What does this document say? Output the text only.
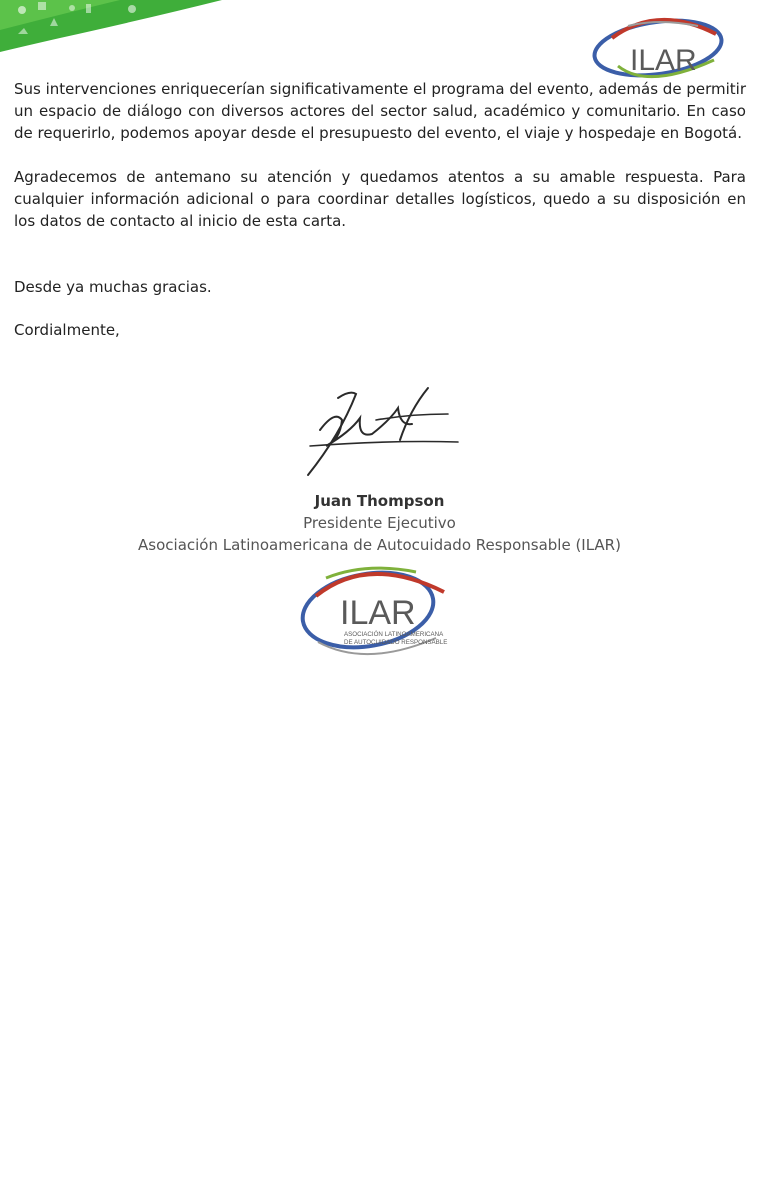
ILAR

Sus intervenciones enriquecerían significativamente el programa del evento, además de permitir un espacio de diálogo con diversos actores del sector salud, académico y comunitario. En caso de requerirlo, podemos apoyar desde el presupuesto del evento, el viaje y hospedaje en Bogotá.

Agradecemos de antemano su atención y quedamos atentos a su amable respuesta. Para cualquier información adicional o para coordinar detalles logísticos, quedo a su disposición en los datos de contacto al inicio de esta carta.

Desde ya muchas gracias.

Cordialmente,

Juan Thompson
Presidente Ejecutivo
Asociación Latinoamericana de Autocuidado Responsable (ILAR)
ILAR
ASOCIACIÓN LATINOAMERICANA
DE AUTOCUIDADO RESPONSABLE
